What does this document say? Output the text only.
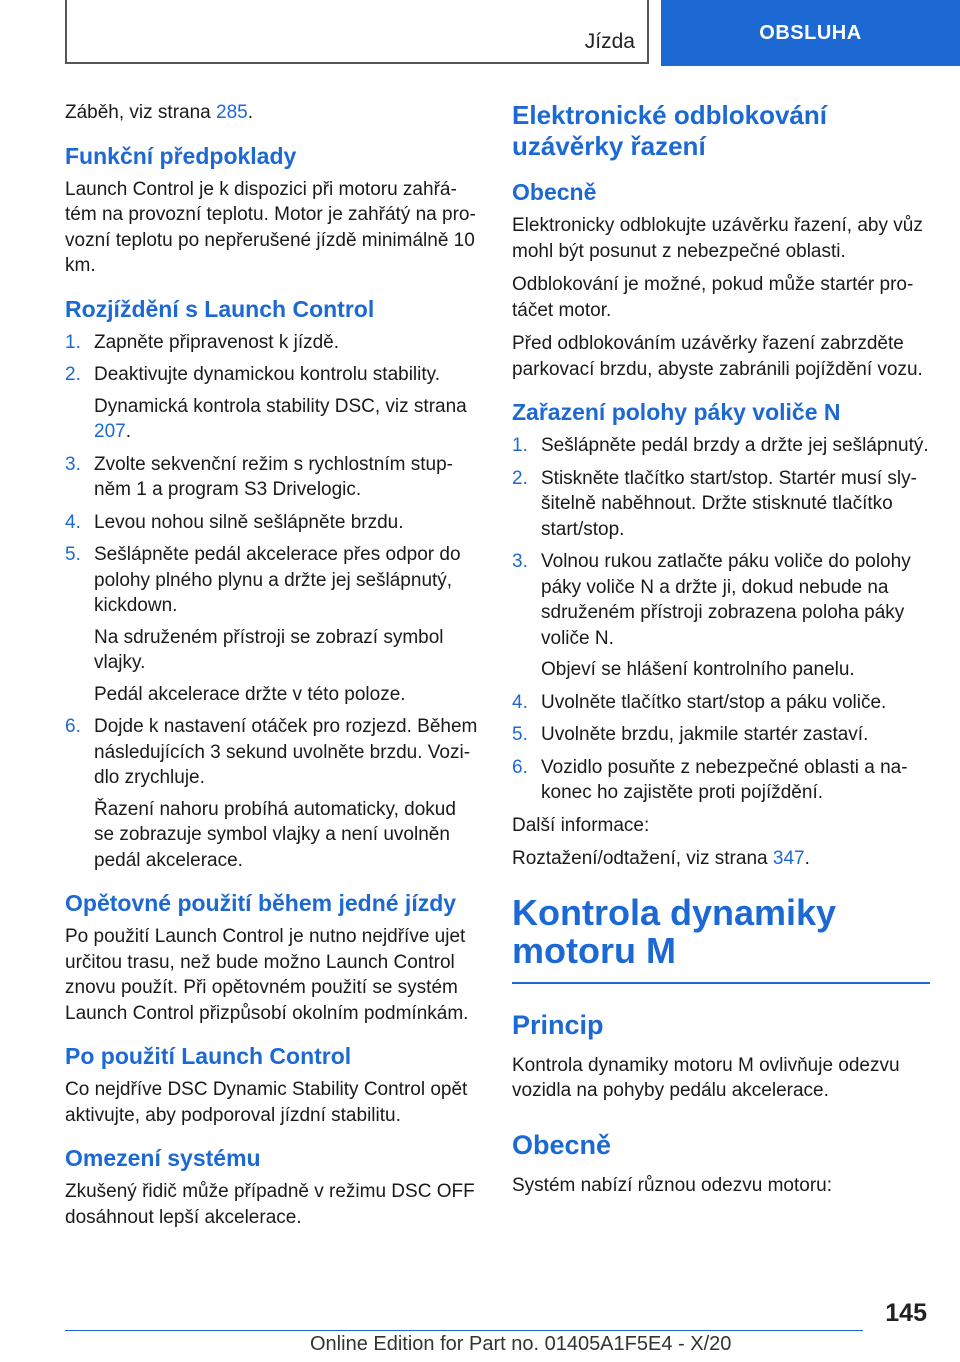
Jízda	OBSLUHA

Záběh, viz strana 285.

Funkční předpoklady

Launch Control je k dispozici při motoru zahřátém na provozní teplotu. Motor je zahřátý na provozní teplotu po nepřerušené jízdě minimálně 10 km.

Rozjíždění s Launch Control
1. Zapněte připravenost k jízdě.

2. Deaktivujte dynamickou kontrolu stability.

Dynamická kontrola stability DSC, viz strana 207.

3. Zvolte sekvenční režim s rychlostním stupněm 1 a program S3 Drivelogic.

4. Levou nohou silně sešlápněte brzdu.

5. Sešlápněte pedál akcelerace přes odpor do polohy plného plynu a držte jej sešlápnutý, kickdown.

Na sdruženém přístroji se zobrazí symbol vlajky.

Pedál akcelerace držte v této poloze.

6. Dojde k nastavení otáček pro rozjezd. Během následujících 3 sekund uvolněte brzdu. Vozidlo zrychluje.

Řazení nahoru probíhá automaticky, dokud se zobrazuje symbol vlajky a není uvolněn pedál akcelerace.

Opětovné použití během jedné jízdy

Po použití Launch Control je nutno nejdříve ujet určitou trasu, než bude možno Launch Control znovu použít. Při opětovném použití se systém Launch Control přizpůsobí okolním podmínkám.

Po použití Launch Control

Co nejdříve DSC Dynamic Stability Control opět aktivujte, aby podporoval jízdní stabilitu.

Omezení systému

Zkušený řidič může případně v režimu DSC OFF dosáhnout lepší akcelerace.

Elektronické odblokování uzávěrky řazení
Obecně

Elektronicky odblokujte uzávěrku řazení, aby vůz mohl být posunut z nebezpečné oblasti.

Odblokování je možné, pokud může startér protáčet motor.

Před odblokováním uzávěrky řazení zabrzděte parkovací brzdu, abyste zabránili pojíždění vozu.

Zařazení polohy páky voliče N
1. Sešlápněte pedál brzdy a držte jej sešlápnutý.

2. Stiskněte tlačítko start/stop. Startér musí slyšitelně naběhnout. Držte stisknuté tlačítko start/stop.

3. Volnou rukou zatlačte páku voliče do polohy páky voliče N a držte ji, dokud nebude na sdruženém přístroji zobrazena poloha páky voliče N.

Objeví se hlášení kontrolního panelu.

4. Uvolněte tlačítko start/stop a páku voliče.

5. Uvolněte brzdu, jakmile startér zastaví.

6. Vozidlo posuňte z nebezpečné oblasti a nakonec ho zajistěte proti pojíždění.

Další informace:

Roztažení/odtažení, viz strana 347.

Kontrola dynamiky motoru M
Princip

Kontrola dynamiky motoru M ovlivňuje odezvu vozidla na pohyby pedálu akcelerace.

Obecně

Systém nabízí různou odezvu motoru:

145
Online Edition for Part no. 01405A1F5E4 - X/20
